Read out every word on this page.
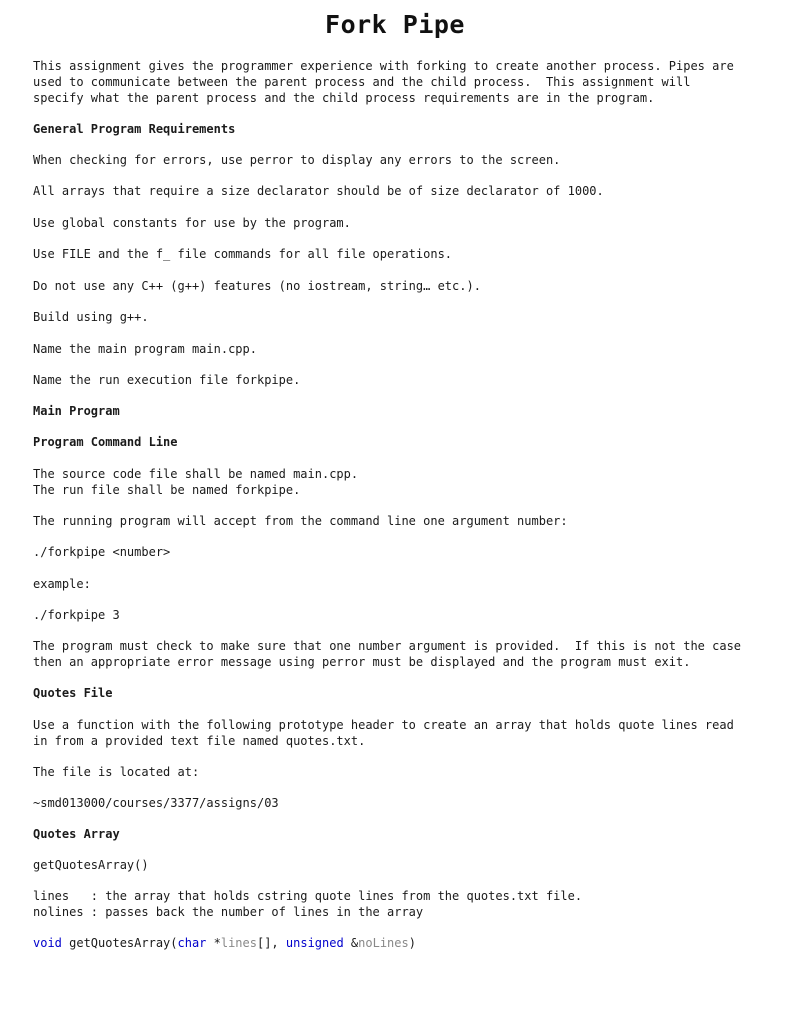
Fork Pipe
This assignment gives the programmer experience with forking to create another process. Pipes are
used to communicate between the parent process and the child process.  This assignment will
specify what the parent process and the child process requirements are in the program.
General Program Requirements
When checking for errors, use perror to display any errors to the screen.
All arrays that require a size declarator should be of size declarator of 1000.
Use global constants for use by the program.
Use FILE and the f_ file commands for all file operations.
Do not use any C++ (g++) features (no iostream, string… etc.).
Build using g++.
Name the main program main.cpp.
Name the run execution file forkpipe.
Main Program
Program Command Line
The source code file shall be named main.cpp.
The run file shall be named forkpipe.
The running program will accept from the command line one argument number:
./forkpipe <number>
example:
./forkpipe 3
The program must check to make sure that one number argument is provided.  If this is not the case
then an appropriate error message using perror must be displayed and the program must exit.
Quotes File
Use a function with the following prototype header to create an array that holds quote lines read
in from a provided text file named quotes.txt.
The file is located at:
~smd013000/courses/3377/assigns/03
Quotes Array
getQuotesArray()
lines   : the array that holds cstring quote lines from the quotes.txt file.
nolines : passes back the number of lines in the array
void getQuotesArray(char *lines[], unsigned &noLines)
